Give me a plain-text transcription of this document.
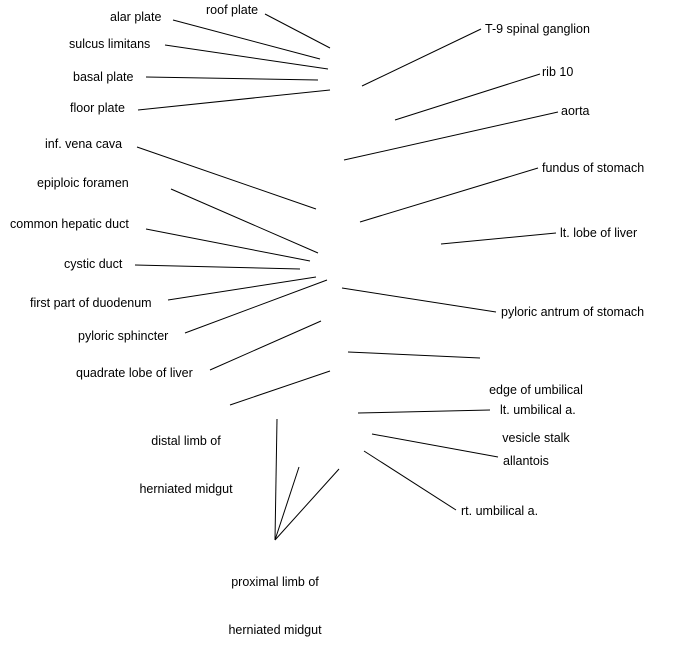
roof plate
alar plate
sulcus limitans
basal plate
floor plate
inf. vena cava
epiploic foramen
common hepatic duct
cystic duct
first part of duodenum
pyloric sphincter
quadrate lobe of liver

distal limb of

herniated midgut

proximal limb of

herniated midgut

T-9 spinal ganglion
rib 10
aorta
fundus of stomach
lt. lobe of liver
pyloric antrum of stomach

edge of umbilical

vesicle stalk

lt. umbilical a.
allantois
rt. umbilical a.
